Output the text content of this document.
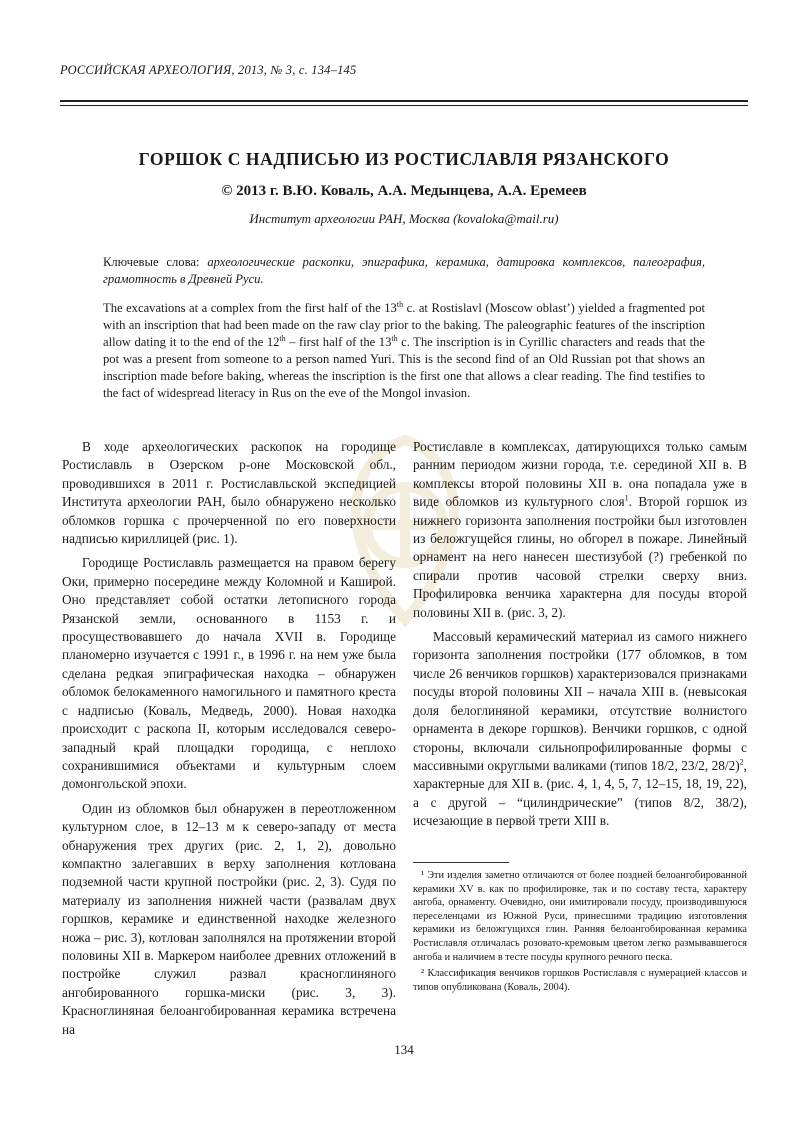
РОССИЙСКАЯ АРХЕОЛОГИЯ, 2013, № 3, с. 134–145
ГОРШОК С НАДПИСЬЮ ИЗ РОСТИСЛАВЛЯ РЯЗАНСКОГО
© 2013 г. В.Ю. Коваль, А.А. Медынцева, А.А. Еремеев
Институт археологии РАН, Москва (kovaloka@mail.ru)
Ключевые слова: археологические раскопки, эпиграфика, керамика, датировка комплексов, палеография, грамотность в Древней Руси.
The excavations at a complex from the first half of the 13th c. at Rostislavl (Moscow oblast’) yielded a fragmented pot with an inscription that had been made on the raw clay prior to the baking. The paleographic features of the inscription allow dating it to the end of the 12th – first half of the 13th c. The inscription is in Cyrillic characters and reads that the pot was a present from someone to a person named Yuri. This is the second find of an Old Russian pot that shows an inscription made before baking, whereas the inscription is the first one that allows a clear reading. The find testifies to the fact of widespread literacy in Rus on the eve of the Mongol invasion.

В ходе археологических раскопок на городище Ростиславль в Озерском р-оне Московской обл., проводившихся в 2011 г. Ростиславльской экспедицией Института археологии РАН, было обнаружено несколько обломков горшка с прочерченной по его поверхности надписью кириллицей (рис. 1).

Городище Ростиславль размещается на правом берегу Оки, примерно посередине между Коломной и Каширой. Оно представляет собой остатки летописного города Рязанской земли, основанного в 1153 г. и просуществовавшего до начала XVII в. Городище планомерно изучается с 1991 г., в 1996 г. на нем уже была сделана редкая эпиграфическая находка – обнаружен обломок белокаменного намогильного и памятного креста с надписью (Коваль, Медведь, 2000). Новая находка происходит с раскопа II, которым исследовался северо-западный край площадки городища, с неплохо сохранившимися объектами и культурным слоем домонгольской эпохи.

Один из обломков был обнаружен в переотложенном культурном слое, в 12–13 м к северо-западу от места обнаружения трех других (рис. 2, 1, 2), довольно компактно залегавших в верху заполнения котлована подземной части крупной постройки (рис. 2, 3). Судя по материалу из заполнения нижней части (развалам двух горшков, керамике и единственной находке железного ножа – рис. 3), котлован заполнялся на протяжении второй половины XII в. Маркером наиболее древних отложений в постройке служил развал красноглиняного ангобированного горшка-миски (рис. 3, 3). Красноглиняная белоангобированная керамика встречена на

Ростиславле в комплексах, датирующихся только самым ранним периодом жизни города, т.е. серединой XII в. В комплексы второй половины XII в. она попадала уже в виде обломков из культурного слоя$^1$. Второй горшок из нижнего горизонта заполнения постройки был изготовлен из беложгущейся глины, но обгорел в пожаре. Линейный орнамент на него нанесен шестизубой (?) гребенкой по спирали против часовой стрелки сверху вниз. Профилировка венчика характерна для посуды второй половины XII в. (рис. 3, 2).

Массовый керамический материал из самого нижнего горизонта заполнения постройки (177 обломков, в том числе 26 венчиков горшков) характеризовался признаками посуды второй половины XII – начала XIII в. (невысокая доля белоглиняной керамики, отсутствие волнистого орнамента в декоре горшков). Венчики горшков, с одной стороны, включали сильнопрофилированные формы с массивными округлыми валиками (типов 18/2, 23/2, 28/2)$^2$, характерные для XII в. (рис. 4, 1, 4, 5, 7, 12–15, 18, 19, 22), а с другой – “цилиндрические” (типов 8/2, 38/2), исчезающие в первой трети XIII в.

¹ Эти изделия заметно отличаются от более поздней белоангобированной керамики XV в. как по профилировке, так и по составу теста, характеру ангоба, орнаменту. Очевидно, они имитировали посуду, производившуюся переселенцами из Южной Руси, принесшими традицию изготовления керамики из беложгущихся глин. Ранняя белоангобированная керамика Ростиславля отличалась розовато-кремовым цветом легко размывавшегося ангоба и наличием в тесте посуды крупного речного песка.

² Классификация венчиков горшков Ростиславля с нумерацией классов и типов опубликована (Коваль, 2004).

134
